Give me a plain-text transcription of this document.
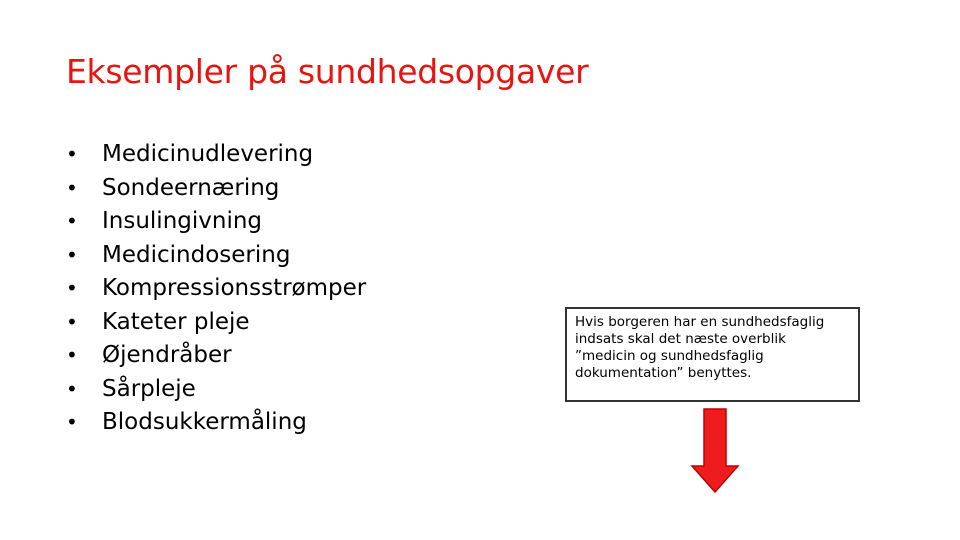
Eksempler på sundhedsopgaver
• Medicinudlevering
• Sondeernæring
• Insulingivning
• Medicindosering
• Kompressionsstrømper
• Kateter pleje
• Øjendråber
• Sårpleje
• Blodsukkermåling
Hvis borgeren har en sundhedsfaglig indsats skal det næste overblik ”medicin og sundhedsfaglig dokumentation” benyttes.
